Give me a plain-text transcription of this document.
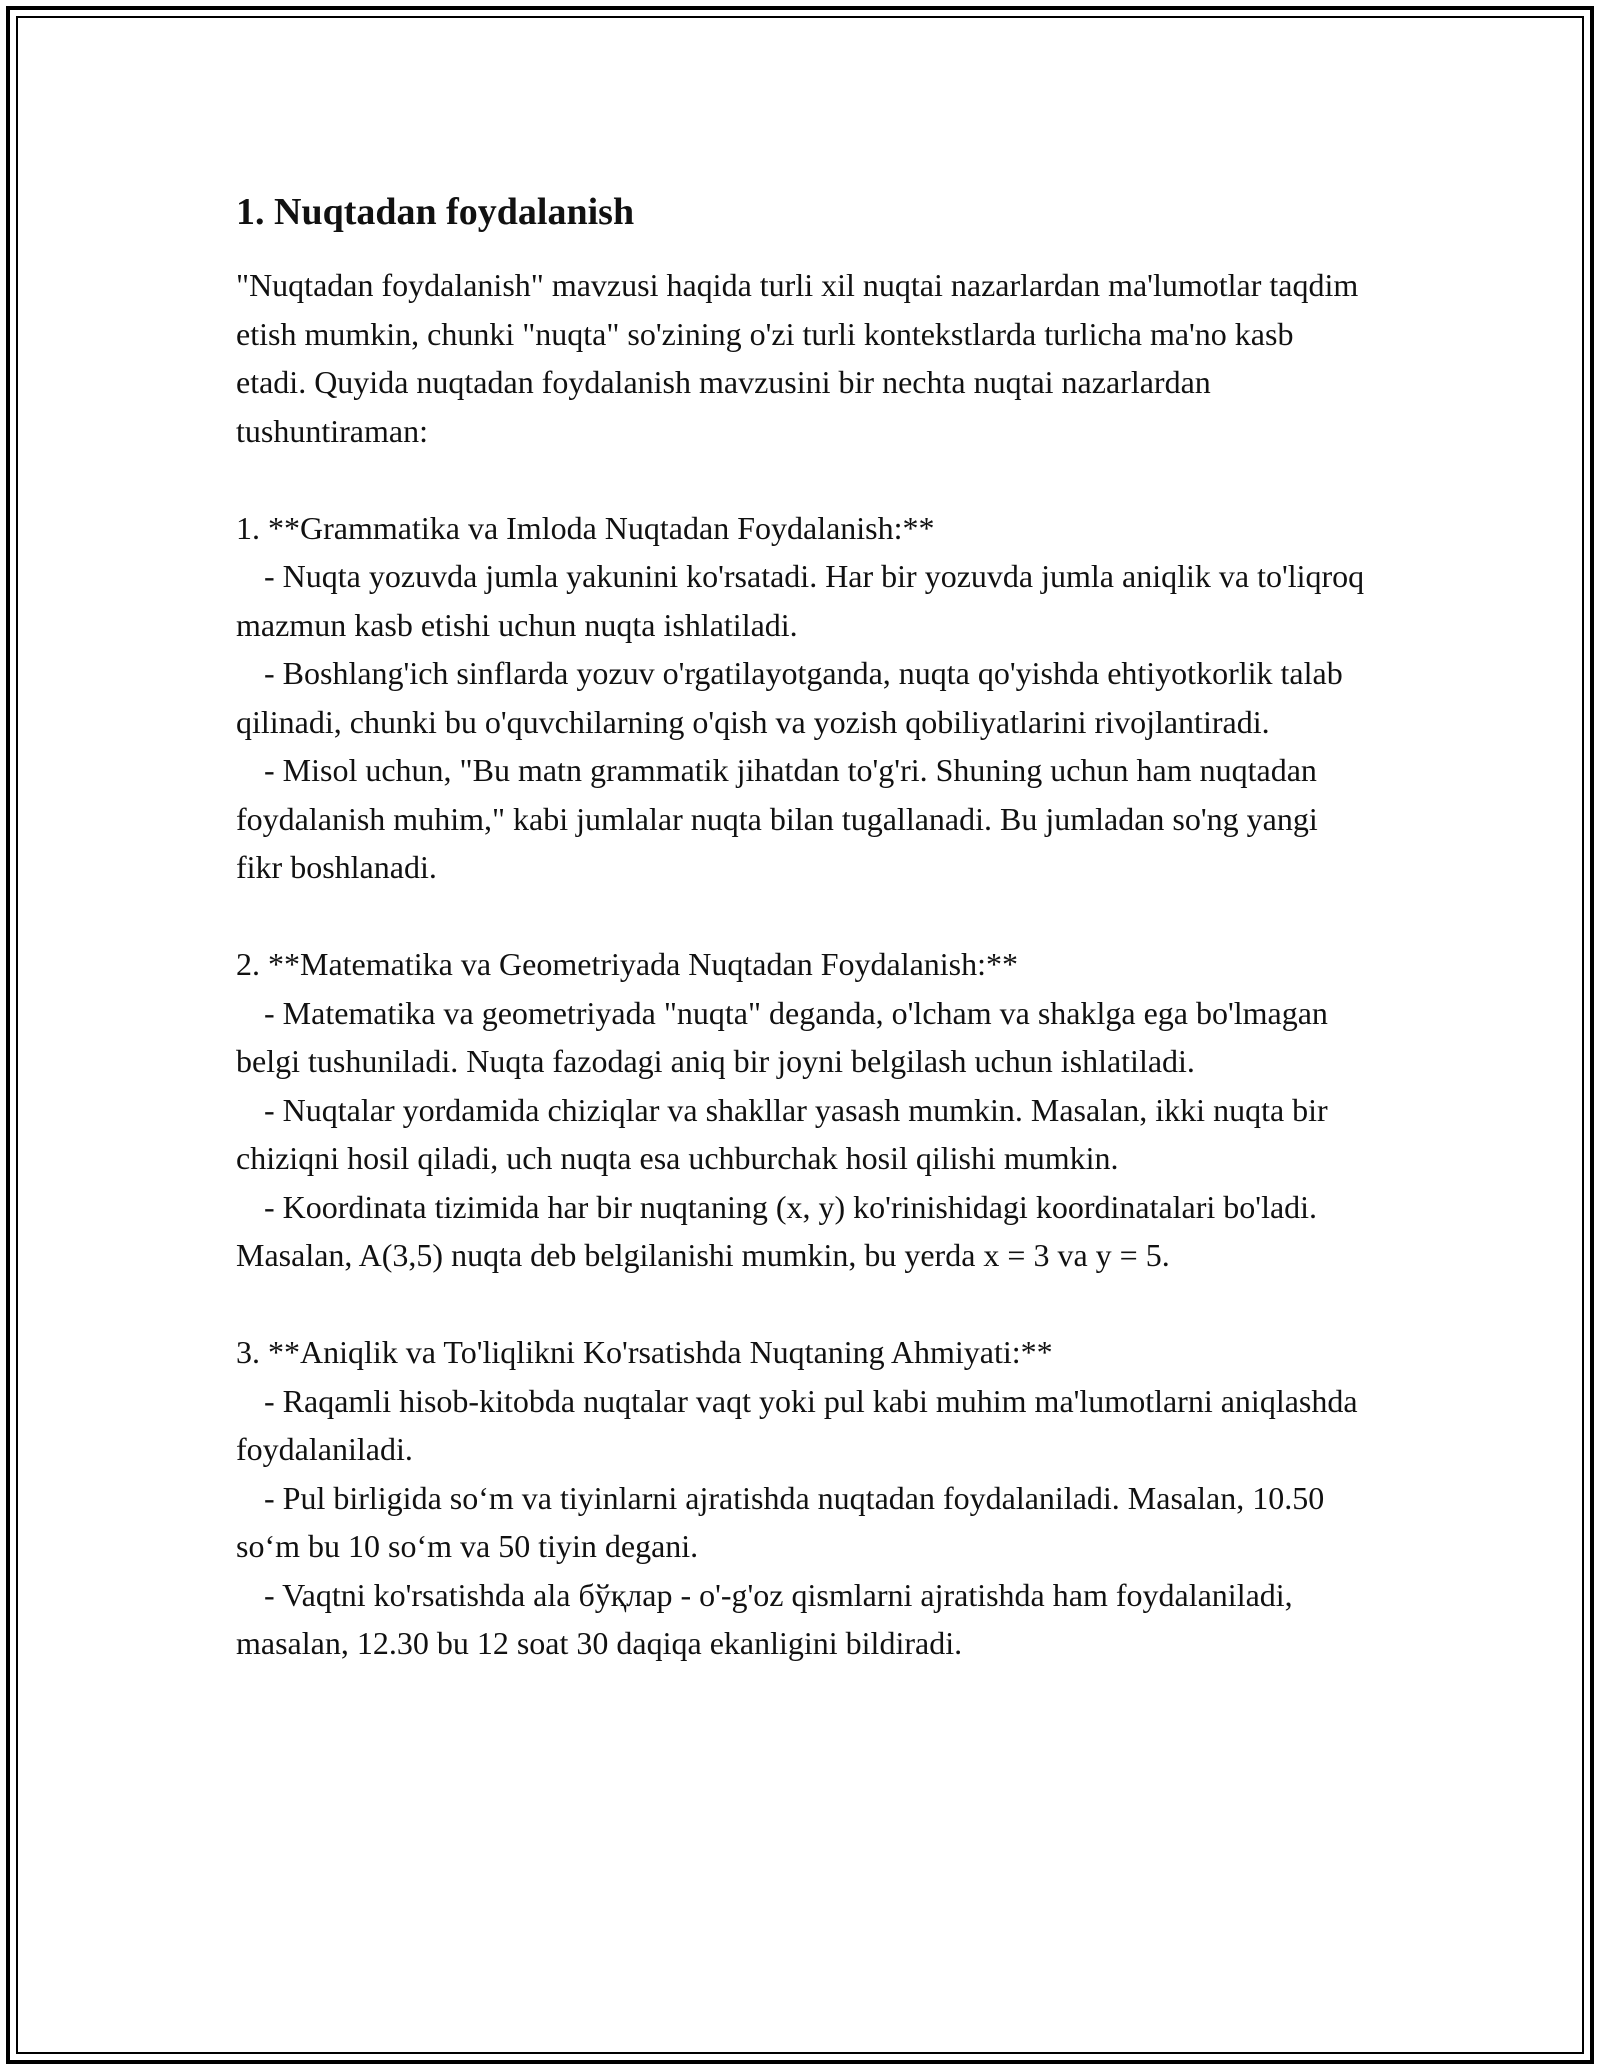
1. Nuqtadan foydalanish

"Nuqtadan foydalanish" mavzusi haqida turli xil nuqtai nazarlardan ma'lumotlar taqdim etish mumkin, chunki "nuqta" so'zining o'zi turli kontekstlarda turlicha ma'no kasb etadi. Quyida nuqtadan foydalanish mavzusini bir nechta nuqtai nazarlardan tushuntiraman:

1. **Grammatika va Imloda Nuqtadan Foydalanish:**

- Nuqta yozuvda jumla yakunini ko'rsatadi. Har bir yozuvda jumla aniqlik va to'liqroq mazmun kasb etishi uchun nuqta ishlatiladi.

- Boshlang'ich sinflarda yozuv o'rgatilayotganda, nuqta qo'yishda ehtiyotkorlik talab qilinadi, chunki bu o'quvchilarning o'qish va yozish qobiliyatlarini rivojlantiradi.

- Misol uchun, "Bu matn grammatik jihatdan to'g'ri. Shuning uchun ham nuqtadan foydalanish muhim," kabi jumlalar nuqta bilan tugallanadi. Bu jumladan so'ng yangi fikr boshlanadi.

2. **Matematika va Geometriyada Nuqtadan Foydalanish:**

- Matematika va geometriyada "nuqta" deganda, o'lcham va shaklga ega bo'lmagan belgi tushuniladi. Nuqta fazodagi aniq bir joyni belgilash uchun ishlatiladi.

- Nuqtalar yordamida chiziqlar va shakllar yasash mumkin. Masalan, ikki nuqta bir chiziqni hosil qiladi, uch nuqta esa uchburchak hosil qilishi mumkin.

- Koordinata tizimida har bir nuqtaning (x, y) ko'rinishidagi koordinatalari bo'ladi. Masalan, A(3,5) nuqta deb belgilanishi mumkin, bu yerda x = 3 va y = 5.

3. **Aniqlik va To'liqlikni Ko'rsatishda Nuqtaning Ahmiyati:**

- Raqamli hisob-kitobda nuqtalar vaqt yoki pul kabi muhim ma'lumotlarni aniqlashda foydalaniladi.

- Pul birligida so‘m va tiyinlarni ajratishda nuqtadan foydalaniladi. Masalan, 10.50 so‘m bu 10 so‘m va 50 tiyin degani.

- Vaqtni ko'rsatishda ala бўқлар - o'-g'oz qismlarni ajratishda ham foydalaniladi, masalan, 12.30 bu 12 soat 30 daqiqa ekanligini bildiradi.
